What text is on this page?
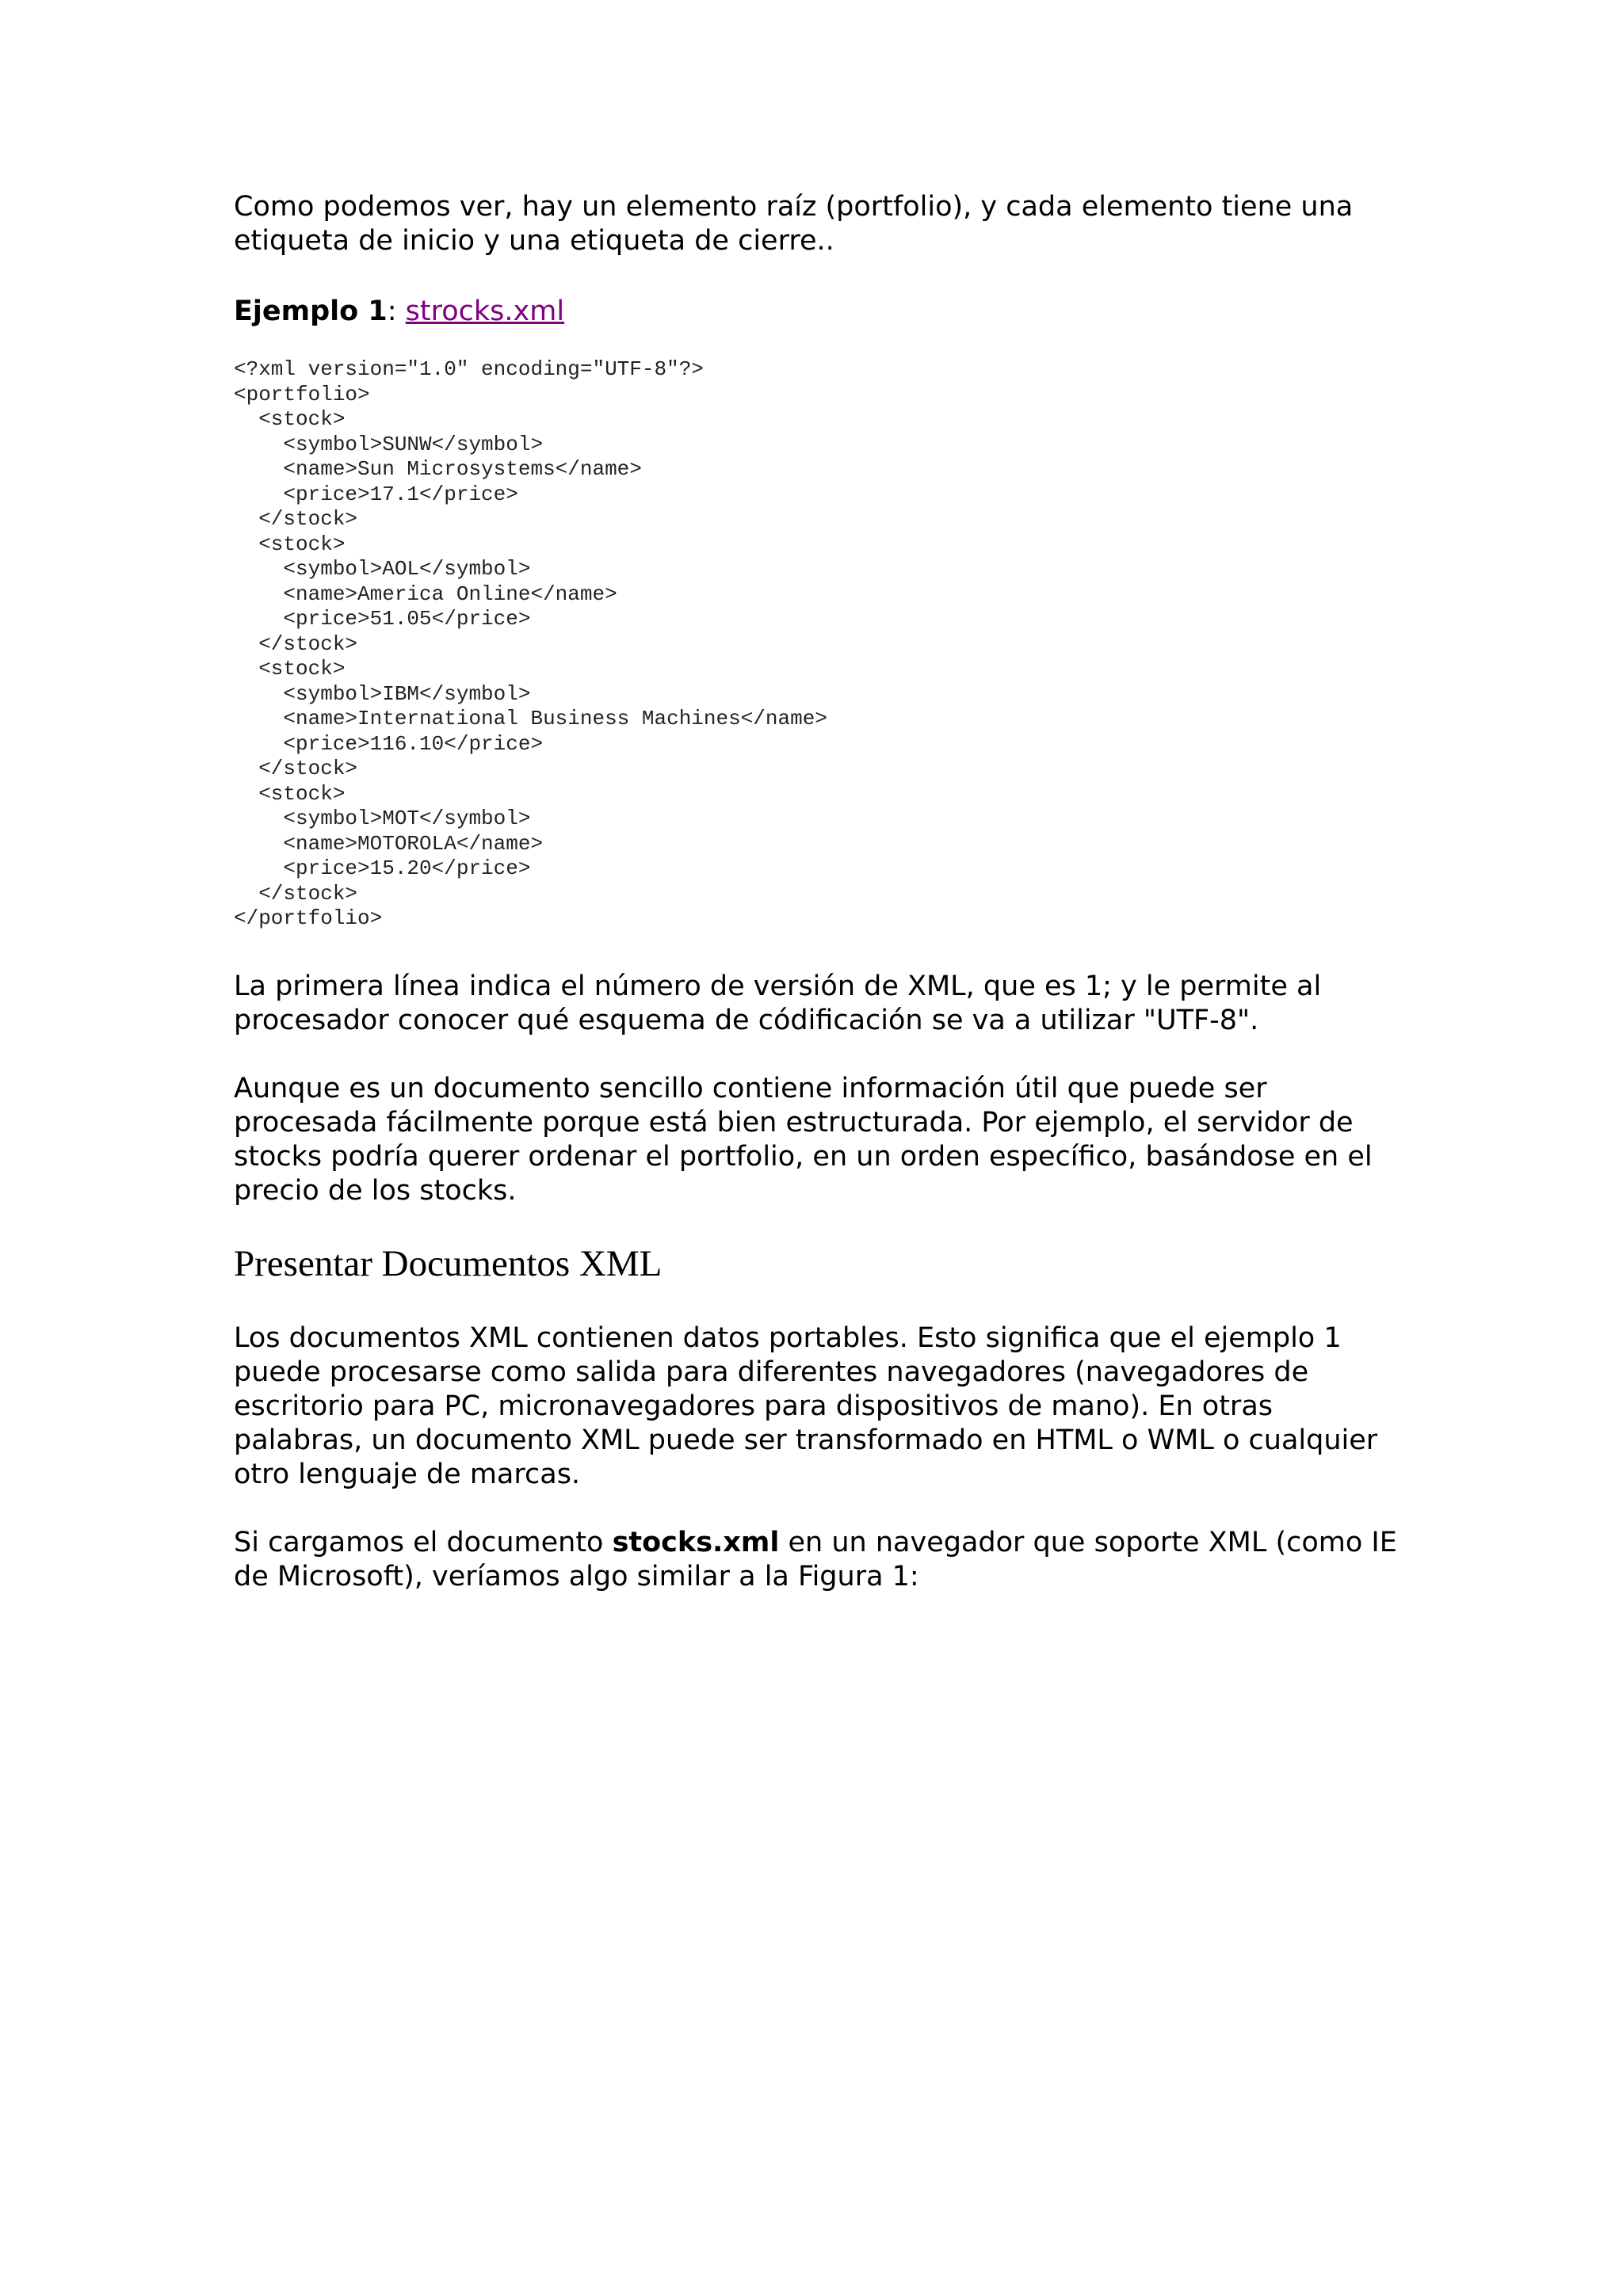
Como podemos ver, hay un elemento raíz (portfolio), y cada elemento tiene una etiqueta de inicio y una etiqueta de cierre..

Ejemplo 1: strocks.xml

<?xml version="1.0" encoding="UTF-8"?>
<portfolio>
<stock>
<symbol>SUNW</symbol>
<name>Sun Microsystems</name>
<price>17.1</price>
</stock>
<stock>
<symbol>AOL</symbol>
<name>America Online</name>
<price>51.05</price>
</stock>
<stock>
<symbol>IBM</symbol>
<name>International Business Machines</name>
<price>116.10</price>
</stock>
<stock>
<symbol>MOT</symbol>
<name>MOTOROLA</name>
<price>15.20</price>
</stock>
</portfolio>

La primera línea indica el número de versión de XML, que es 1; y le permite al procesador conocer qué esquema de códificación se va a utilizar "UTF-8".

Aunque es un documento sencillo contiene información útil que puede ser procesada fácilmente porque está bien estructurada. Por ejemplo, el servidor de stocks podría querer ordenar el portfolio, en un orden específico, basándose en el precio de los stocks.

Presentar Documentos XML

Los documentos XML contienen datos portables. Esto significa que el ejemplo 1 puede procesarse como salida para diferentes navegadores (navegadores de escritorio para PC, micronavegadores para dispositivos de mano). En otras palabras, un documento XML puede ser transformado en HTML o WML o cualquier otro lenguaje de marcas.

Si cargamos el documento stocks.xml en un navegador que soporte XML (como IE de Microsoft), veríamos algo similar a la Figura 1:
